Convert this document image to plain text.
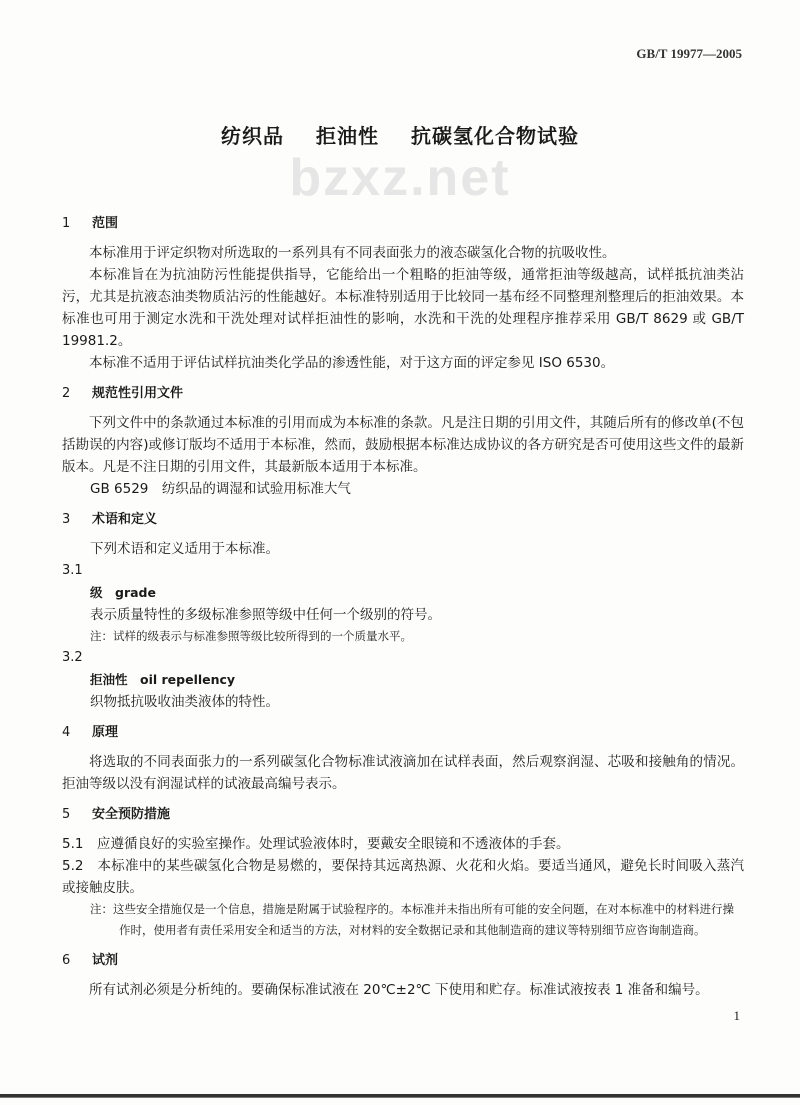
GB/T 19977—2005
纺织品 拒油性 抗碳氢化合物试验
bzxz.net
1 范围
本标准用于评定织物对所选取的一系列具有不同表面张力的液态碳氢化合物的抗吸收性。
本标准旨在为抗油防污性能提供指导，它能给出一个粗略的拒油等级，通常拒油等级越高，试样抵抗油类沾污，尤其是抗液态油类物质沾污的性能越好。本标准特别适用于比较同一基布经不同整理剂整理后的拒油效果。本标准也可用于测定水洗和干洗处理对试样拒油性的影响，水洗和干洗的处理程序推荐采用 GB/T 8629 或 GB/T 19981.2。
本标准不适用于评估试样抗油类化学品的渗透性能，对于这方面的评定参见 ISO 6530。
2 规范性引用文件
下列文件中的条款通过本标准的引用而成为本标准的条款。凡是注日期的引用文件，其随后所有的修改单(不包括勘误的内容)或修订版均不适用于本标准，然而，鼓励根据本标准达成协议的各方研究是否可使用这些文件的最新版本。凡是不注日期的引用文件，其最新版本适用于本标准。
GB 6529　纺织品的调湿和试验用标准大气
3 术语和定义
下列术语和定义适用于本标准。
3.1
级　grade
表示质量特性的多级标准参照等级中任何一个级别的符号。
注：试样的级表示与标准参照等级比较所得到的一个质量水平。
3.2
拒油性　oil repellency
织物抵抗吸收油类液体的特性。
4 原理
将选取的不同表面张力的一系列碳氢化合物标准试液滴加在试样表面，然后观察润湿、芯吸和接触角的情况。拒油等级以没有润湿试样的试液最高编号表示。
5 安全预防措施
5.1　应遵循良好的实验室操作。处理试验液体时，要戴安全眼镜和不透液体的手套。
5.2　本标准中的某些碳氢化合物是易燃的，要保持其远离热源、火花和火焰。要适当通风，避免长时间吸入蒸汽或接触皮肤。
注：这些安全措施仅是一个信息，措施是附属于试验程序的。本标准并未指出所有可能的安全问题，在对本标准中的材料进行操作时，使用者有责任采用安全和适当的方法，对材料的安全数据记录和其他制造商的建议等特别细节应咨询制造商。
6 试剂
所有试剂必须是分析纯的。要确保标准试液在 20℃±2℃ 下使用和贮存。标准试液按表 1 准备和编号。
1
